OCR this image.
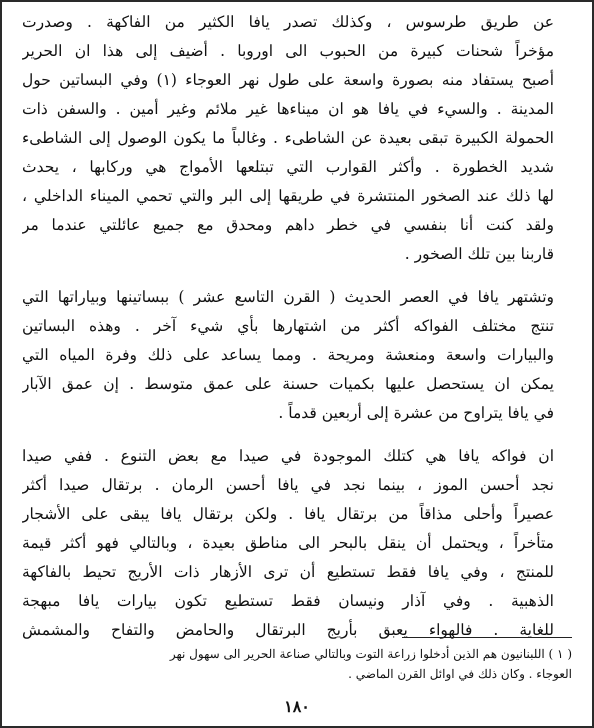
عن طريق طرسوس ، وكذلك تصدر يافا الكثير من الفاكهة . وصدرت
مؤخراً شحنات كبيرة من الحبوب الى اوروبا . أضيف إلى هذا ان الحرير
أصبح يستفاد منه بصورة واسعة على طول نهر العوجاء (١) وفي البساتين حول
المدينة . والسيء في يافا هو ان ميناءها غير ملائم وغير أمين . والسفن ذات
الحمولة الكبيرة تبقى بعيدة عن الشاطىء . وغالباً ما يكون الوصول إلى الشاطىء
شديد الخطورة . وأكثر القوارب التي تبتلعها الأمواج هي وركابها ، يحدث
لها ذلك عند الصخور المنتشرة في طريقها إلى البر والتي تحمي الميناء الداخلي ،
ولقد كنت أنا بنفسي في خطر داهم ومحدق مع جميع عائلتي عندما مر
قاربنا بين تلك الصخور .
وتشتهر يافا في العصر الحديث ( القرن التاسع عشر ) ببساتينها وبياراتها التي
تنتج مختلف الفواكه أكثر من اشتهارها بأي شيء آخر . وهذه البساتين
والبيارات واسعة ومنعشة ومريحة . ومما يساعد على ذلك وفرة المياه التي
يمكن ان يستحصل عليها بكميات حسنة على عمق متوسط . إن عمق الآبار
في يافا يتراوح من عشرة إلى أربعين قدماً .
ان فواكه يافا هي كتلك الموجودة في صيدا مع بعض التنوع . ففي صيدا
نجد أحسن الموز ، بينما نجد في يافا أحسن الرمان . برتقال صيدا أكثر
عصيراً وأحلى مذاقاً من برتقال يافا . ولكن برتقال يافا يبقى على الأشجار
متأخراً ، ويحتمل أن ينقل بالبحر الى مناطق بعيدة ، وبالتالي فهو أكثر قيمة
للمنتج ، وفي يافا فقط تستطيع أن ترى الأزهار ذات الأريج تحيط بالفاكهة
الذهبية . وفي آذار ونيسان فقط تستطيع تكون بيارات يافا مبهجة
للغاية . فالهواء يعبق بأريج البرتقال والحامض والتفاح والمشمش
( ١ ) اللبنانيون هم الذين أدخلوا زراعة التوت وبالتالي صناعة الحرير الى سهول نهر
العوجاء . وكان ذلك في اوائل القرن الماضي .
١٨٠
